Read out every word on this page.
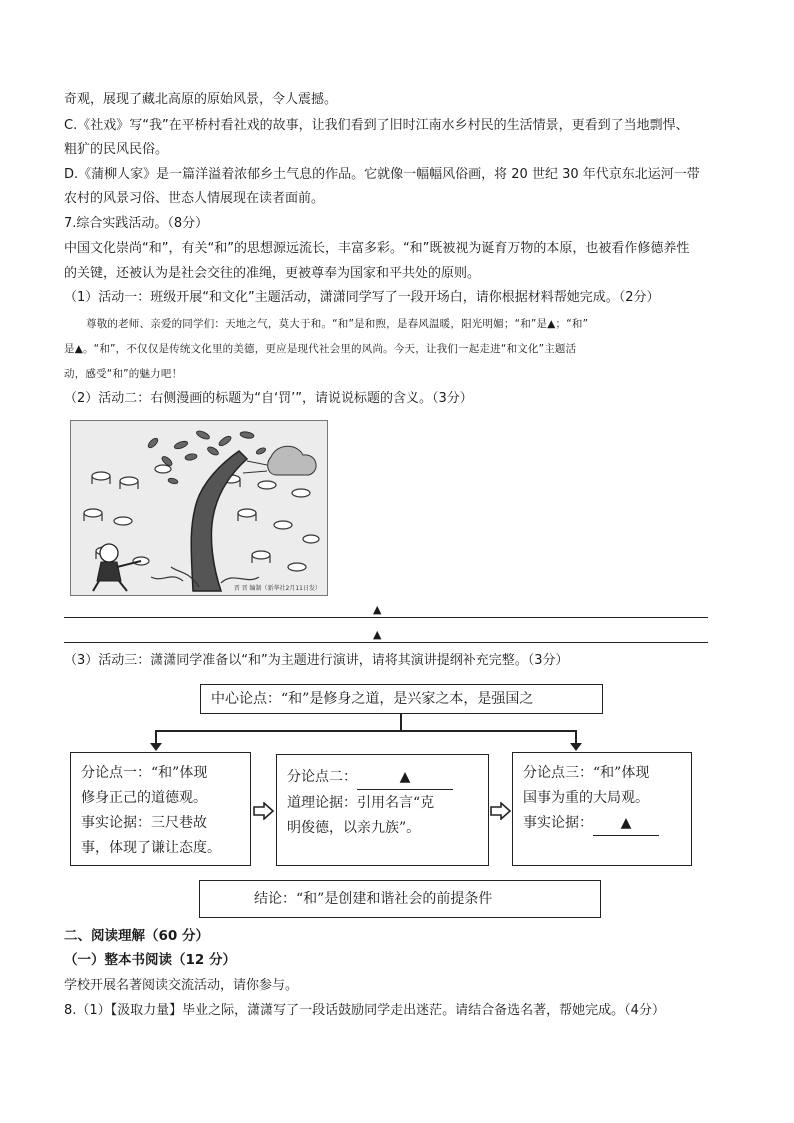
奇观，展现了藏北高原的原始风景，令人震撼。
C.《社戏》写“我”在平桥村看社戏的故事，让我们看到了旧时江南水乡村民的生活情景，更看到了当地剽悍、
粗犷的民风民俗。
D.《蒲柳人家》是一篇洋溢着浓郁乡土气息的作品。它就像一幅幅风俗画，将 20 世纪 30 年代京东北运河一带
农村的风景习俗、世态人情展现在读者面前。
7.综合实践活动。（8分）
中国文化崇尚“和”，有关“和”的思想源远流长，丰富多彩。“和”既被视为诞育万物的本原，也被看作修德养性
的关键，还被认为是社会交往的准绳，更被尊奉为国家和平共处的原则。
（1）活动一：班级开展“和文化”主题活动，潇潇同学写了一段开场白，请你根据材料帮她完成。（2分）
尊敬的老师、亲爱的同学们：天地之气，莫大于和。“和”是和煦，是春风温暖，阳光明媚；“和”是▲；“和”
是▲。“和”，不仅仅是传统文化里的美德，更应是现代社会里的风尚。今天，让我们一起走进“和文化”主题活
动，感受“和”的魅力吧！
（2）活动二：右侧漫画的标题为“自‘罚’”，请说说标题的含义。（3分）
晋 晋 编制（新华社2月11日发）
▲
▲
（3）活动三：潇潇同学准备以“和”为主题进行演讲，请将其演讲提纲补充完整。（3分）
中心论点：“和”是修身之道，是兴家之本，是强国之
分论点一：“和”体现
修身正己的道德观。
事实论据：三尺巷故
事，体现了谦让态度。
分论点二：	▲
道理论据：引用名言“克
明俊德，以亲九族”。
分论点三：“和”体现
国事为重的大局观。
事实论据： ▲
结论：“和”是创建和谐社会的前提条件
二、阅读理解（60 分）
（一）整本书阅读（12 分）
学校开展名著阅读交流活动，请你参与。
8.（1）【汲取力量】毕业之际，潇潇写了一段话鼓励同学走出迷茫。请结合备选名著，帮她完成。（4分）
